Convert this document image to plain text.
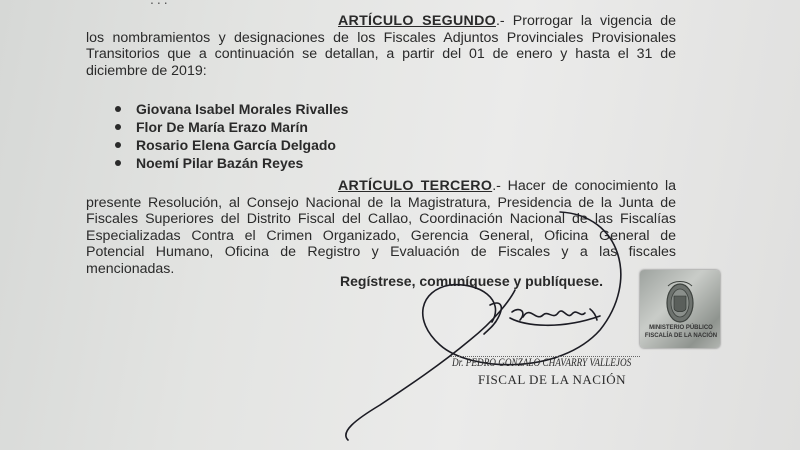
ARTÍCULO SEGUNDO.- Prorrogar la vigencia de los nombramientos y designaciones de los Fiscales Adjuntos Provinciales Provisionales Transitorios que a continuación se detallan, a partir del 01 de enero y hasta el 31 de diciembre de 2019:
Giovana Isabel Morales Rivalles
Flor De María Erazo Marín
Rosario Elena García Delgado
Noemí Pilar Bazán Reyes
ARTÍCULO TERCERO.- Hacer de conocimiento la presente Resolución, al Consejo Nacional de la Magistratura, Presidencia de la Junta de Fiscales Superiores del Distrito Fiscal del Callao, Coordinación Nacional de las Fiscalías Especializadas Contra el Crimen Organizado, Gerencia General, Oficina General de Potencial Humano, Oficina de Registro y Evaluación de Fiscales y a las fiscales mencionadas.
Regístrese, comuníquese y publíquese.
Dr. PEDRO GONZALO CHAVARRY VALLEJOS
FISCAL DE LA NACIÓN
MINISTERIO PÚBLICO
FISCALÍA DE LA NACIÓN
